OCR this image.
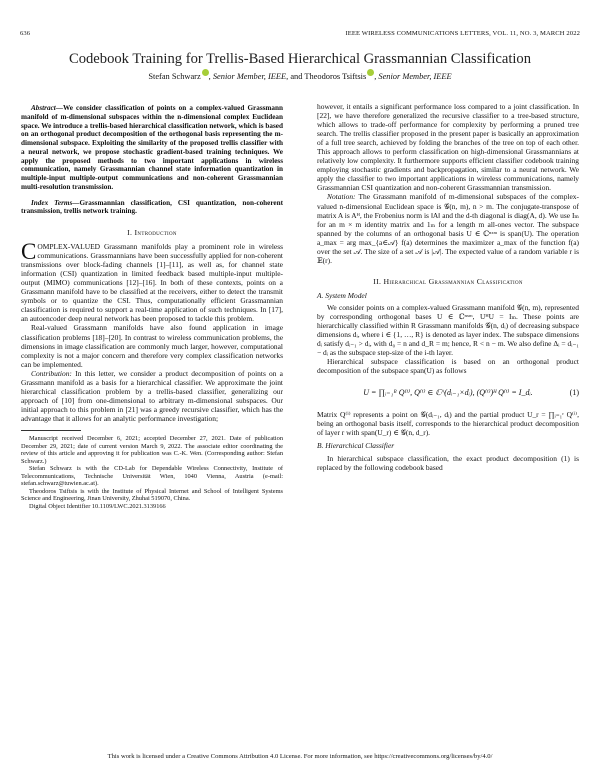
636	IEEE WIRELESS COMMUNICATIONS LETTERS, VOL. 11, NO. 3, MARCH 2022
Codebook Training for Trellis-Based Hierarchical Grassmannian Classification
Stefan Schwarz , Senior Member, IEEE, and Theodoros Tsiftsis , Senior Member, IEEE

Abstract—We consider classification of points on a complex-valued Grassmann manifold of m-dimensional subspaces within the n-dimensional complex Euclidean space. We introduce a trellis-based hierarchical classification network, which is based on an orthogonal product decomposition of the orthogonal basis representing the m-dimensional subspace. Exploiting the similarity of the proposed trellis classifier with a neural network, we propose stochastic gradient-based training techniques. We apply the proposed methods to two important applications in wireless communication, namely Grassmannian channel state information quantization in multiple-input multiple-output communications and non-coherent Grassmannian multi-resolution transmission.

Index Terms—Grassmannian classification, CSI quantization, non-coherent transmission, trellis network training.

I. Introduction

COMPLEX-VALUED Grassmann manifolds play a prominent role in wireless communications. Grassmannians have been successfully applied for non-coherent transmissions over block-fading channels [1]–[11], as well as, for channel state information (CSI) quantization in limited feedback based multiple-input multiple-output (MIMO) communications [12]–[16]. In both of these contexts, points on a Grassmann manifold have to be classified at the receivers, either to detect the transmit symbols or to quantize the CSI. Thus, computationally efficient Grassmannian classification is required to support a real-time application of such techniques. In [17], an autoencoder deep neural network has been proposed to tackle this problem.

Real-valued Grassmann manifolds have also found application in image classification problems [18]–[20]. In contrast to wireless communication problems, the dimensions in image classification are commonly much larger, however, computational complexity is not a major concern and therefore very complex classification networks can be implemented.

Contribution: In this letter, we consider a product decomposition of points on a Grassmann manifold as a basis for a hierarchical classifier. We approximate the joint hierarchical classification problem by a trellis-based classifier, generalizing our approach of [10] from one-dimensional to arbitrary m-dimensional subspaces. Our initial approach to this problem in [21] was a greedy recursive classifier, which has the advantage that it allows for an analytic performance investigation;

Manuscript received December 6, 2021; accepted December 27, 2021. Date of publication December 29, 2021; date of current version March 9, 2022. The associate editor coordinating the review of this article and approving it for publication was C.-K. Wen. (Corresponding author: Stefan Schwarz.)

Stefan Schwarz is with the CD-Lab for Dependable Wireless Connectivity, Institute of Telecommunications, Technische Universität Wien, 1040 Vienna, Austria (e-mail: stefan.schwarz@tuwien.ac.at).

Theodoros Tsiftsis is with the Institute of Physical Internet and School of Intelligent Systems Science and Engineering, Jinan University, Zhuhai 519070, China.

Digital Object Identifier 10.1109/LWC.2021.3139166

however, it entails a significant performance loss compared to a joint classification. In [22], we have therefore generalized the recursive classifier to a tree-based structure, which allows to trade-off performance for complexity by performing a pruned tree search. The trellis classifier proposed in the present paper is basically an approximation of a full tree search, achieved by folding the branches of the tree on top of each other. This approach allows to perform classification on high-dimensional Grassmannians at relatively low complexity. It furthermore supports efficient classifier codebook training employing stochastic gradients and backpropagation, similar to a neural network. We apply the classifier to two important applications in wireless communications, namely Grassmannian CSI quantization and non-coherent Grassmannian transmission.

Notation: The Grassmann manifold of m-dimensional subspaces of the complex-valued n-dimensional Euclidean space is 𝒢(n, m), n > m. The conjugate-transpose of matrix A is Aᴴ, the Frobenius norm is ‖A‖ and the d-th diagonal is diag(A, d). We use Iₘ for an m × m identity matrix and 1ₘ for a length m all-ones vector. The subspace spanned by the columns of an orthogonal basis U ∈ ℂⁿˣᵐ is span(U). The operation a_max = arg max_{a∈𝒜} f(a) determines the maximizer a_max of the function f(a) over the set 𝒜. The size of a set 𝒜 is |𝒜|. The expected value of a random variable r is 𝔼(r).

II. Hierarchical Grassmannian Classification
A. System Model

We consider points on a complex-valued Grassmann manifold 𝒢(n, m), represented by corresponding orthogonal bases U ∈ ℂⁿˣᵐ, UᴴU = Iₘ. These points are hierarchically classified within R Grassmann manifolds 𝒢(n, dᵢ) of decreasing subspace dimensions dᵢ, where i ∈ {1, …, R} is denoted as layer index. The subspace dimensions dᵢ satisfy dᵢ₋₁ > dᵢ, with d₀ = n and d_R = m; hence, R < n − m. We also define Δᵢ = dᵢ₋₁ − dᵢ as the subspace step-size of the i-th layer.

Hierarchical subspace classification is based on an orthogonal product decomposition of the subspace span(U) as follows

U = ∏ᵢ₌₁ᴿ Q⁽ⁱ⁾, Q⁽ⁱ⁾ ∈ ℂ^(dᵢ₋₁×dᵢ), (Q⁽ⁱ⁾)ᴴ Q⁽ⁱ⁾ = I_dᵢ.	(1)

Matrix Q⁽ⁱ⁾ represents a point on 𝒢(dᵢ₋₁, dᵢ) and the partial product U_r = ∏ᵢ₌₁ʳ Q⁽ⁱ⁾, being an orthogonal basis itself, corresponds to the hierarchical product decomposition of layer r with span(U_r) ∈ 𝒢(n, d_r).

B. Hierarchical Classifier

In hierarchical subspace classification, the exact product decomposition (1) is replaced by the following codebook based

This work is licensed under a Creative Commons Attribution 4.0 License. For more information, see https://creativecommons.org/licenses/by/4.0/
